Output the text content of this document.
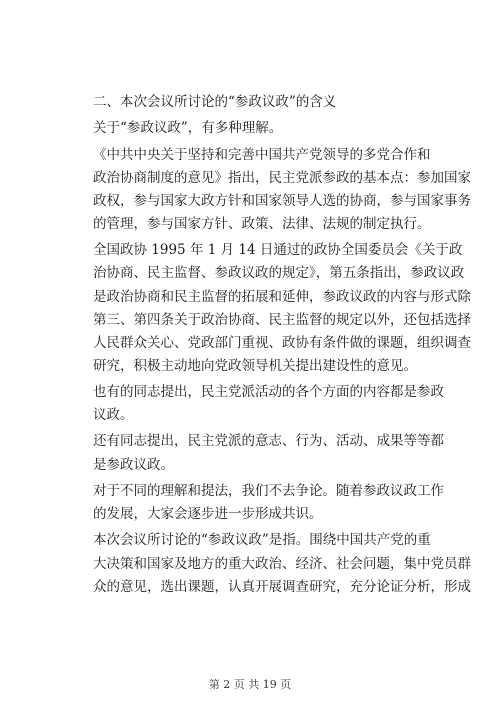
二、本次会议所讨论的“参政议政”的含义
关于“参政议政”，有多种理解。
《中共中央关于坚持和完善中国共产党领导的多党合作和
政治协商制度的意见》指出，民主党派参政的基本点：参加国家
政权，参与国家大政方针和国家领导人选的协商，参与国家事务
的管理，参与国家方针、政策、法律、法规的制定执行。
全国政协 1995 年 1 月 14 日通过的政协全国委员会《关于政
治协商、民主监督、参政议政的规定》，第五条指出，参政议政
是政治协商和民主监督的拓展和延伸，参政议政的内容与形式除
第三、第四条关于政治协商、民主监督的规定以外，还包括选择
人民群众关心、党政部门重视、政协有条件做的课题，组织调查
研究，积极主动地向党政领导机关提出建设性的意见。
也有的同志提出，民主党派活动的各个方面的内容都是参政
议政。
还有同志提出，民主党派的意志、行为、活动、成果等等都
是参政议政。
对于不同的理解和提法，我们不去争论。随着参政议政工作
的发展，大家会逐步进一步形成共识。
本次会议所讨论的“参政议政”是指。围绕中国共产党的重
大决策和国家及地方的重大政治、经济、社会问题，集中党员群
众的意见，选出课题，认真开展调查研究，充分论证分析，形成
第 2 页 共 19 页
